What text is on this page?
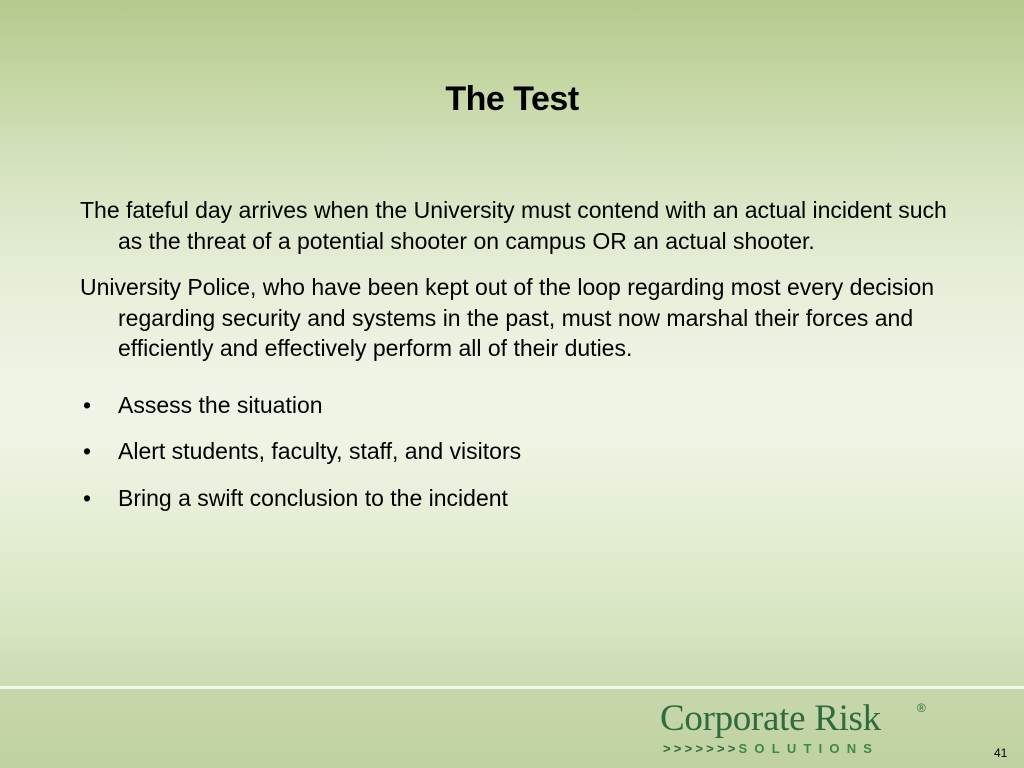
The Test

The fateful day arrives when the University must contend with an actual incident such as the threat of a potential shooter on campus OR an actual shooter.

University Police, who have been kept out of the loop regarding most every decision regarding security and systems in the past, must now marshal their forces and efficiently and effectively perform all of their duties.

• Assess the situation
• Alert students, faculty, staff, and visitors
• Bring a swift conclusion to the incident
Corporate Risk	®
>>>>>>>SOLUTIONS	41
